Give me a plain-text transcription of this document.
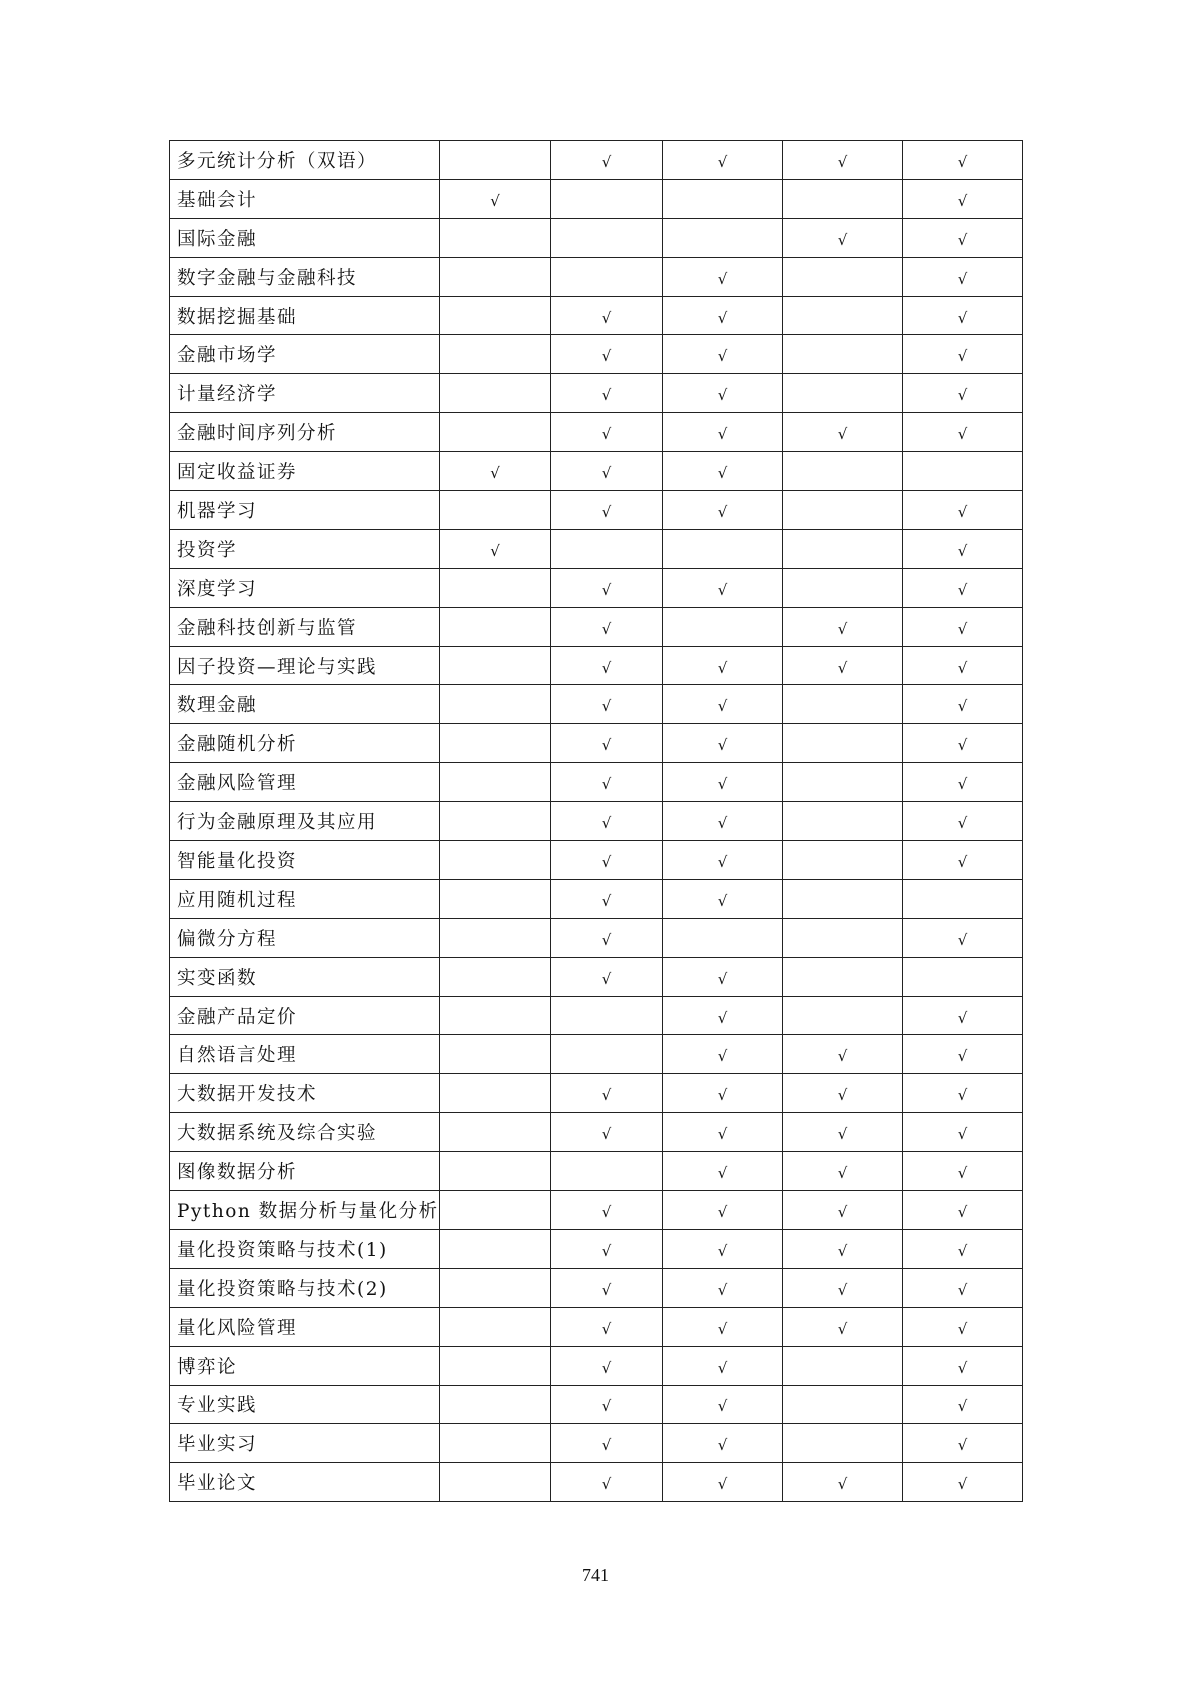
多元统计分析（双语）		√	√	√	√
基础会计	√				√
国际金融				√	√
数字金融与金融科技			√		√
数据挖掘基础		√	√		√
金融市场学		√	√		√
计量经济学		√	√		√
金融时间序列分析		√	√	√	√
固定收益证券	√	√	√		
机器学习		√	√		√
投资学	√				√
深度学习		√	√		√
金融科技创新与监管		√		√	√
因子投资—理论与实践		√	√	√	√
数理金融		√	√		√
金融随机分析		√	√		√
金融风险管理		√	√		√
行为金融原理及其应用		√	√		√
智能量化投资		√	√		√
应用随机过程		√	√		
偏微分方程		√			√
实变函数		√	√		
金融产品定价			√		√
自然语言处理			√	√	√
大数据开发技术		√	√	√	√
大数据系统及综合实验		√	√	√	√
图像数据分析			√	√	√
Python 数据分析与量化分析		√	√	√	√
量化投资策略与技术(1)		√	√	√	√
量化投资策略与技术(2)		√	√	√	√
量化风险管理		√	√	√	√
博弈论		√	√		√
专业实践		√	√		√
毕业实习		√	√		√
毕业论文		√	√	√	√
741
